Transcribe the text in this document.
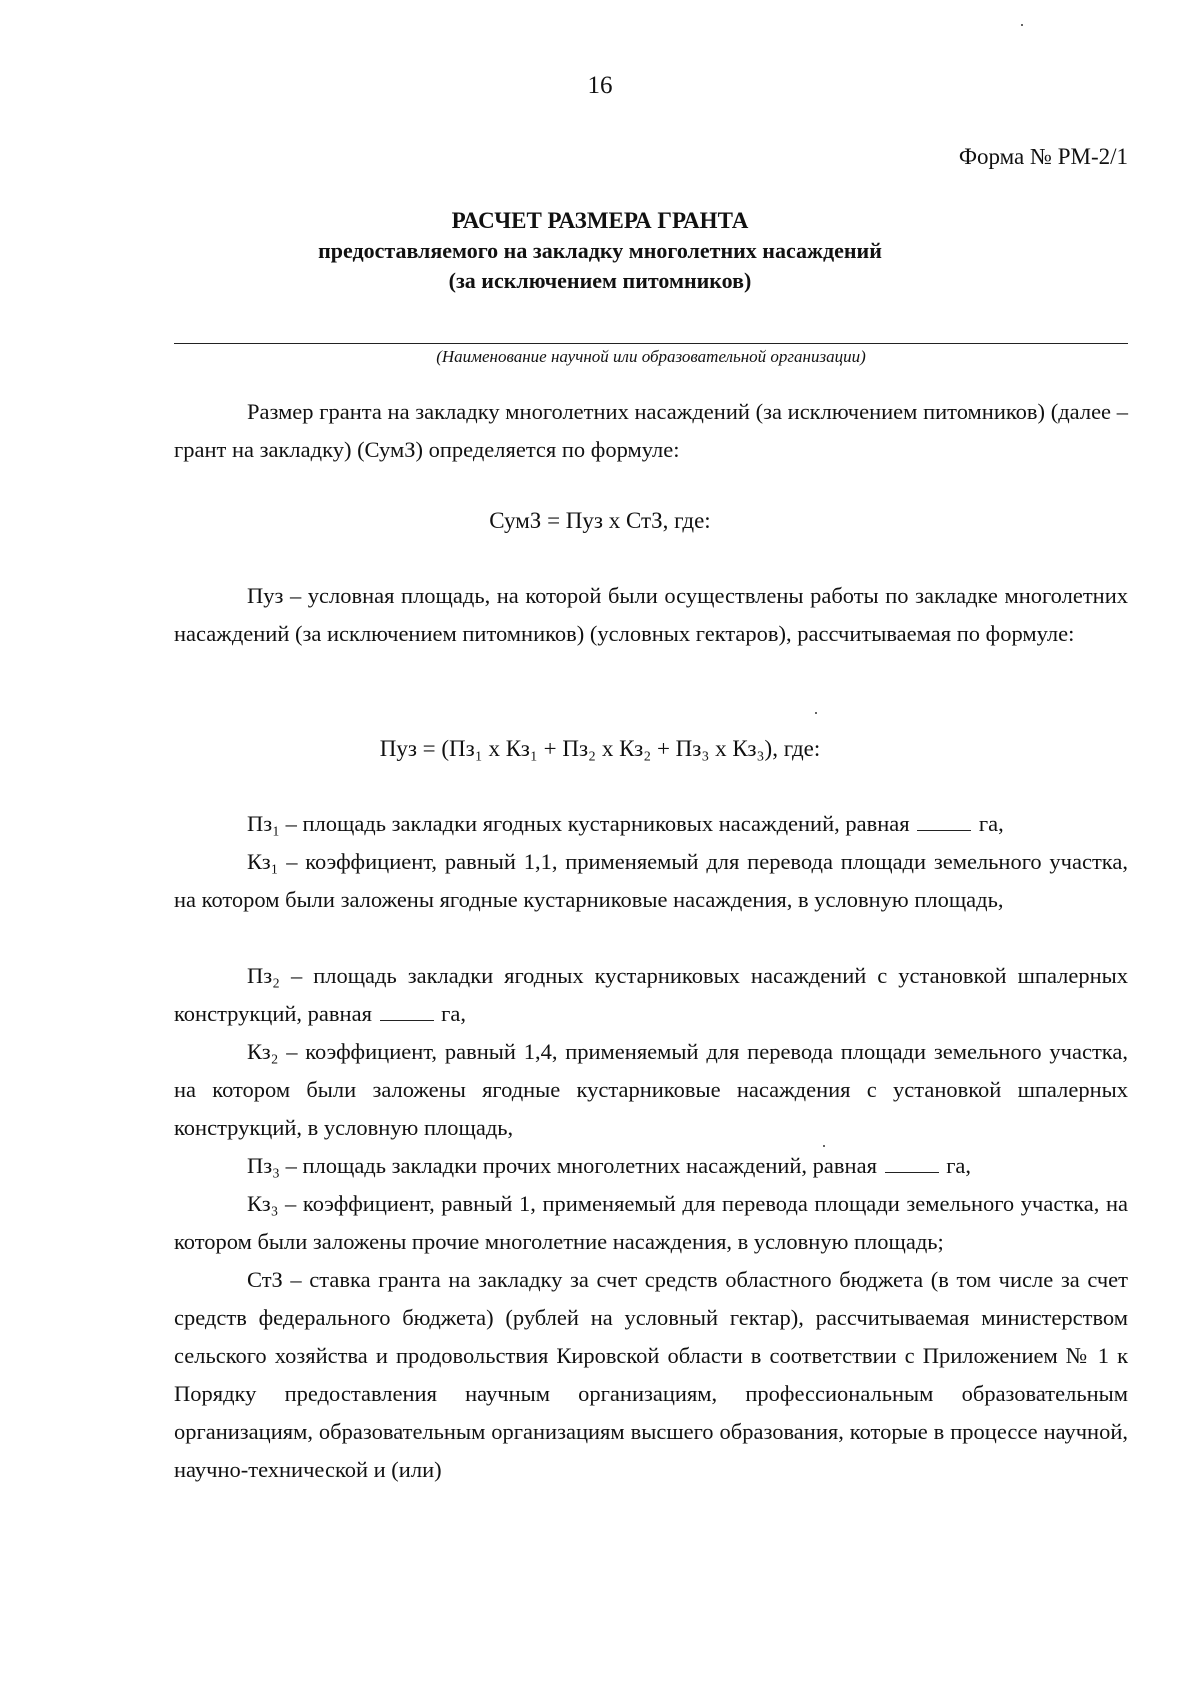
16
Форма № РМ-2/1
РАСЧЕТ РАЗМЕРА ГРАНТА
предоставляемого на закладку многолетних насаждений
(за исключением питомников)
(Наименование научной или образовательной организации)
Размер гранта на закладку многолетних насаждений (за исключением питомников) (далее – грант на закладку) (СумЗ) определяется по формуле:
СумЗ = Пуз х СтЗ, где:
Пуз – условная площадь, на которой были осуществлены работы по закладке многолетних насаждений (за исключением питомников) (условных гектаров), рассчитываемая по формуле:
Пуз = (Пз₁ х Кз₁ + Пз₂ х Кз₂ + Пз₃ х Кз₃), где:
Пз₁ – площадь закладки ягодных кустарниковых насаждений, равная	га,
Кз₁ – коэффициент, равный 1,1, применяемый для перевода площади земельного участка, на котором были заложены ягодные кустарниковые насаждения, в условную площадь,
Пз₂ – площадь закладки ягодных кустарниковых насаждений с установкой шпалерных конструкций, равная	га,
Кз₂ – коэффициент, равный 1,4, применяемый для перевода площади земельного участка, на котором были заложены ягодные кустарниковые насаждения с установкой шпалерных конструкций, в условную площадь,
Пз₃ – площадь закладки прочих многолетних насаждений, равная	га,
Кз₃ – коэффициент, равный 1, применяемый для перевода площади земельного участка, на котором были заложены прочие многолетние насаждения, в условную площадь;
СтЗ – ставка гранта на закладку за счет средств областного бюджета (в том числе за счет средств федерального бюджета) (рублей на условный гектар), рассчитываемая министерством сельского хозяйства и продовольствия Кировской области в соответствии с Приложением № 1 к Порядку предоставления научным организациям, профессиональным образовательным организациям, образовательным организациям высшего образования, которые в процессе научной, научно-технической и (или)
